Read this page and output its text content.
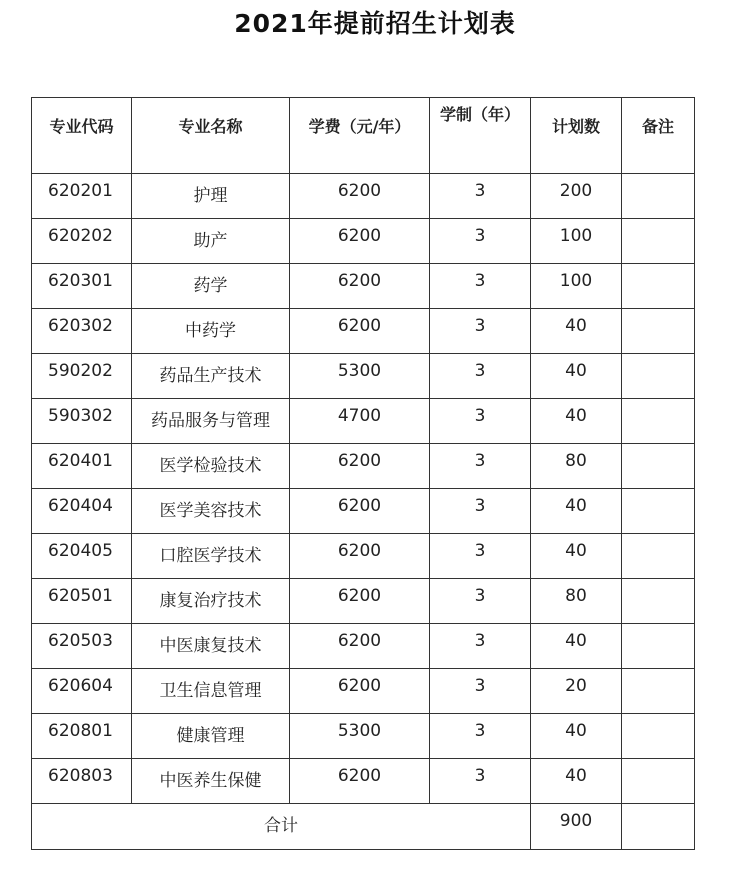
2021年提前招生计划表
专业代码	专业名称	学费（元/年）	学制（年）	计划数	备注
620201	护理	6200	3	200	
620202	助产	6200	3	100	
620301	药学	6200	3	100	
620302	中药学	6200	3	40	
590202	药品生产技术	5300	3	40	
590302	药品服务与管理	4700	3	40	
620401	医学检验技术	6200	3	80	
620404	医学美容技术	6200	3	40	
620405	口腔医学技术	6200	3	40	
620501	康复治疗技术	6200	3	80	
620503	中医康复技术	6200	3	40	
620604	卫生信息管理	6200	3	20	
620801	健康管理	5300	3	40	
620803	中医养生保健	6200	3	40	
合计				900	
